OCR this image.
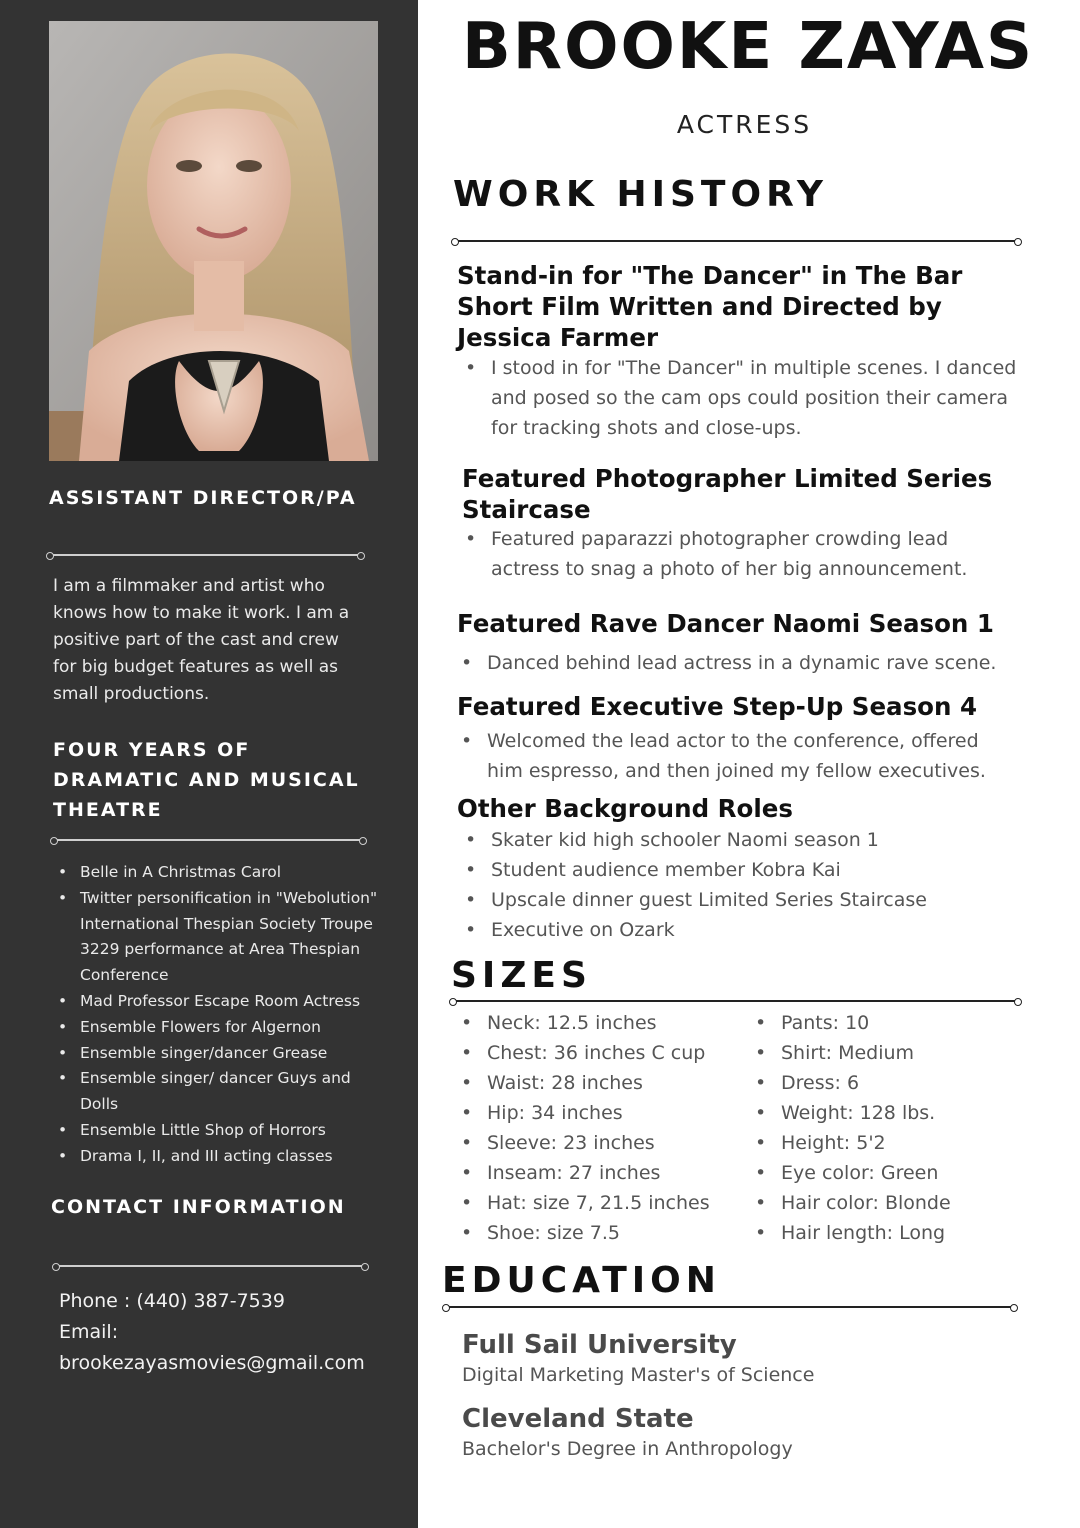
ASSISTANT DIRECTOR/PA
I am a filmmaker and artist who knows how to make it work. I am a positive part of the cast and crew for big budget features as well as small productions.
FOUR YEARS OF DRAMATIC AND MUSICAL THEATRE
• Belle in A Christmas Carol
• Twitter personification in "Webolution" International Thespian Society Troupe 3229 performance at Area Thespian Conference
• Mad Professor Escape Room Actress
• Ensemble Flowers for Algernon
• Ensemble singer/dancer Grease
• Ensemble singer/ dancer Guys and Dolls
• Ensemble Little Shop of Horrors
• Drama I, II, and III acting classes
CONTACT INFORMATION
Phone : (440) 387-7539
Email:
brookezayasmovies@gmail.com
BROOKE ZAYAS
ACTRESS
WORK HISTORY
Stand-in for "The Dancer" in The Bar Short Film Written and Directed by Jessica Farmer
• I stood in for "The Dancer" in multiple scenes. I danced and posed so the cam ops could position their camera for tracking shots and close-ups.
Featured Photographer Limited Series Staircase
• Featured paparazzi photographer crowding lead actress to snag a photo of her big announcement.
Featured Rave Dancer Naomi Season 1
• Danced behind lead actress in a dynamic rave scene.
Featured Executive Step-Up Season 4
• Welcomed the lead actor to the conference, offered him espresso, and then joined my fellow executives.
Other Background Roles
• Skater kid high schooler Naomi season 1
• Student audience member Kobra Kai
• Upscale dinner guest Limited Series Staircase
• Executive on Ozark
SIZES
• Neck: 12.5 inches
• Chest: 36 inches C cup
• Waist: 28 inches
• Hip: 34 inches
• Sleeve: 23 inches
• Inseam: 27 inches
• Hat: size 7, 21.5 inches
• Shoe: size 7.5
• Pants: 10
• Shirt: Medium
• Dress: 6
• Weight: 128 lbs.
• Height: 5'2
• Eye color: Green
• Hair color: Blonde
• Hair length: Long
EDUCATION
Full Sail University
Digital Marketing Master's of Science
Cleveland State
Bachelor's Degree in Anthropology
